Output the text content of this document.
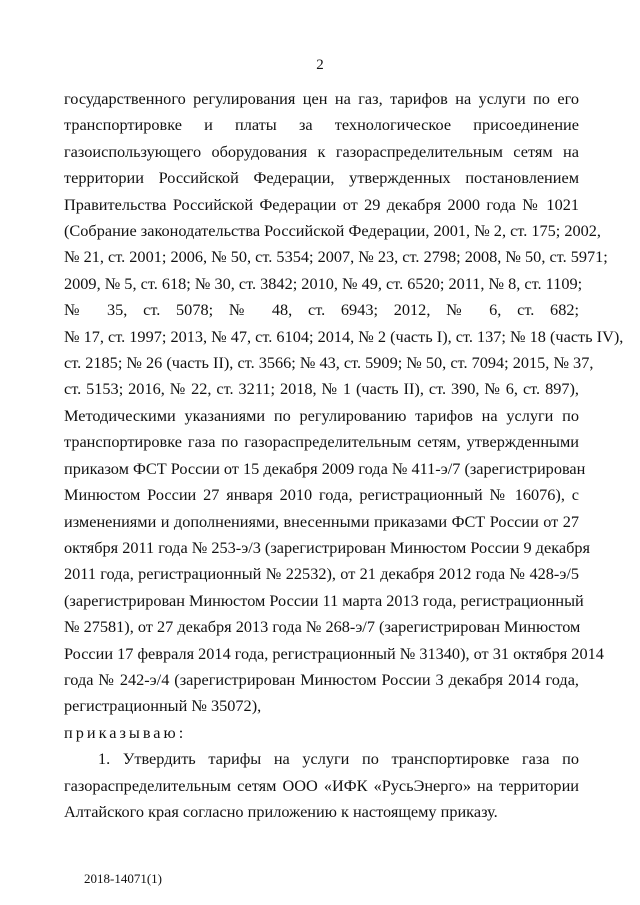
2
государственного регулирования цен на газ, тарифов на услуги по его
транспортировке и платы за технологическое присоединение
газоиспользующего оборудования к газораспределительным сетям на
территории Российской Федерации, утвержденных постановлением
Правительства Российской Федерации от 29 декабря 2000 года № 1021
(Собрание законодательства Российской Федерации, 2001, № 2, ст. 175; 2002,
№ 21, ст. 2001; 2006, № 50, ст. 5354; 2007, № 23, ст. 2798; 2008, № 50, ст. 5971;
2009, № 5, ст. 618; № 30, ст. 3842; 2010, № 49, ст. 6520; 2011, № 8, ст. 1109;
№ 35, ст. 5078; № 48, ст. 6943; 2012, № 6, ст. 682;
№ 17, ст. 1997; 2013, № 47, ст. 6104; 2014, № 2 (часть I), ст. 137; № 18 (часть IV),
ст. 2185; № 26 (часть II), ст. 3566; № 43, ст. 5909; № 50, ст. 7094; 2015, № 37,
ст. 5153; 2016, № 22, ст. 3211; 2018, № 1 (часть II), ст. 390, № 6, ст. 897),
Методическими указаниями по регулированию тарифов на услуги по
транспортировке газа по газораспределительным сетям, утвержденными
приказом ФСТ России от 15 декабря 2009 года № 411-э/7 (зарегистрирован
Минюстом России 27 января 2010 года, регистрационный № 16076), с
изменениями и дополнениями, внесенными приказами ФСТ России от 27
октября 2011 года № 253-э/3 (зарегистрирован Минюстом России 9 декабря
2011 года, регистрационный № 22532), от 21 декабря 2012 года № 428-э/5
(зарегистрирован Минюстом России 11 марта 2013 года, регистрационный
№ 27581), от 27 декабря 2013 года № 268-э/7 (зарегистрирован Минюстом
России 17 февраля 2014 года, регистрационный № 31340), от 31 октября 2014
года № 242-э/4 (зарегистрирован Минюстом России 3 декабря 2014 года,
регистрационный № 35072),
приказываю:
1. Утвердить тарифы на услуги по транспортировке газа по
газораспределительным сетям ООО «ИФК «РусьЭнерго» на территории
Алтайского края согласно приложению к настоящему приказу.
2018-14071(1)
